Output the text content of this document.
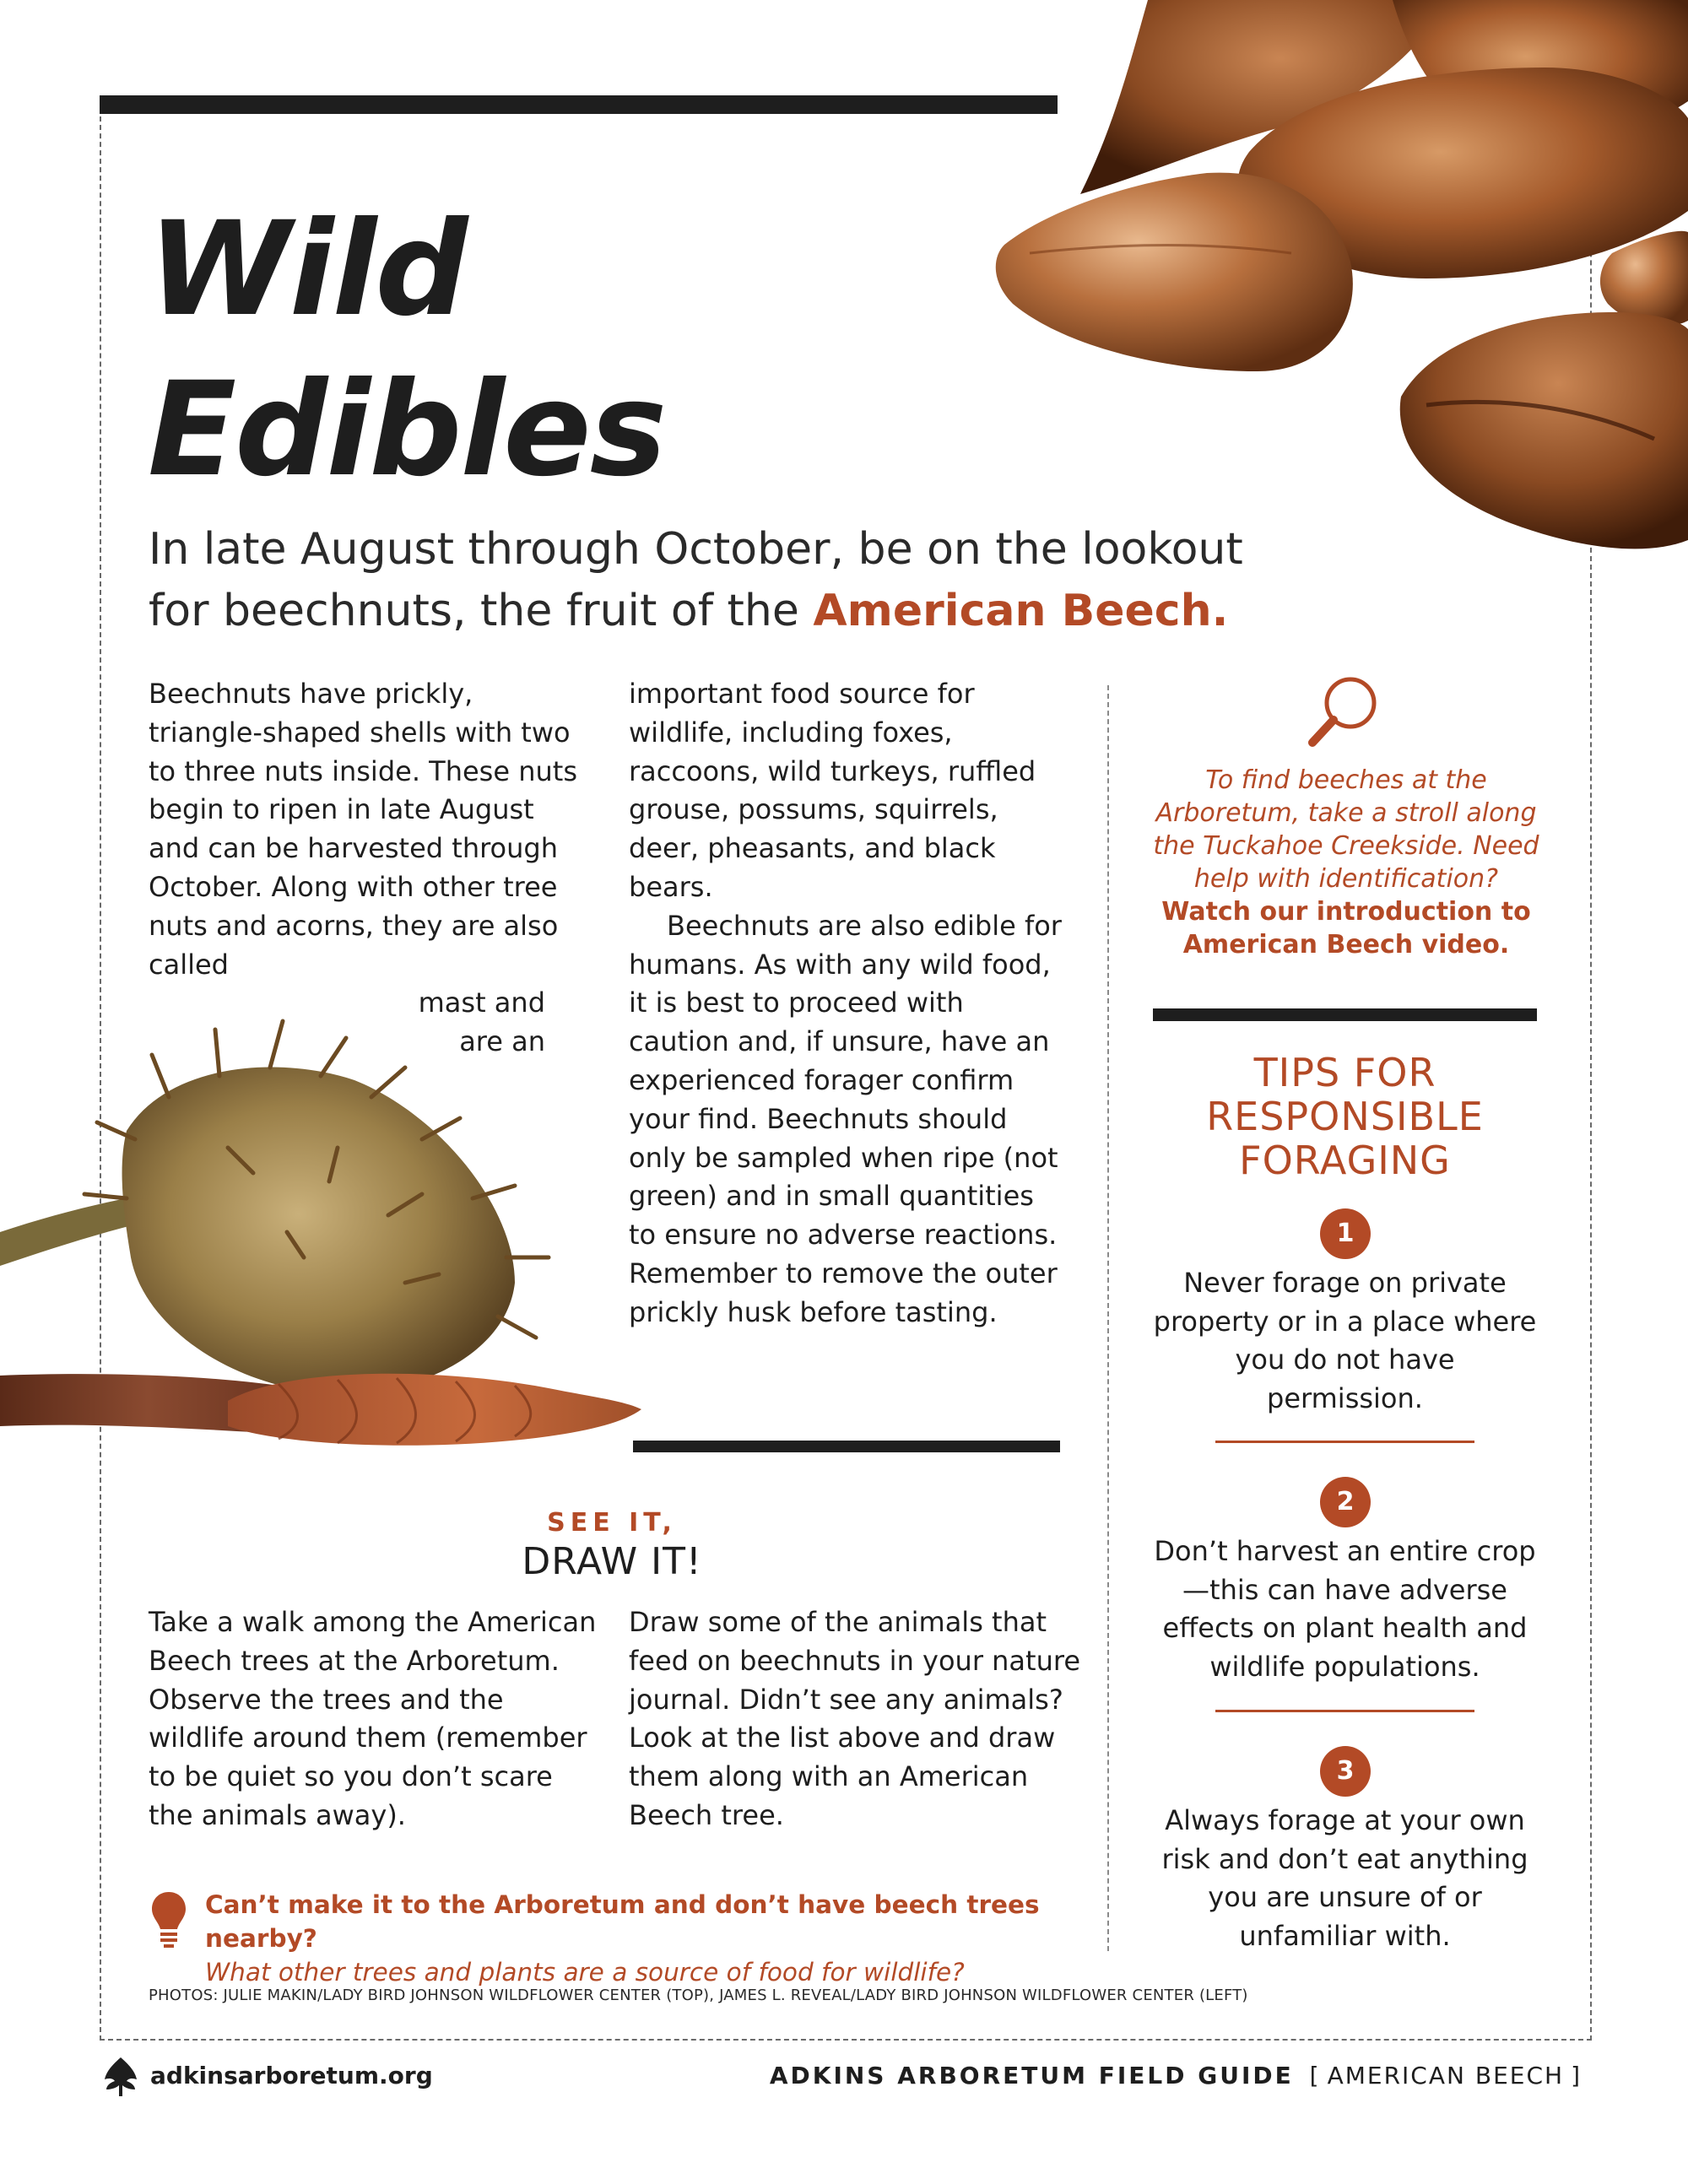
Wild
Edibles
In late August through October, be on the lookout for beechnuts, the fruit of the American Beech.
Beechnuts have prickly, triangle-shaped shells with two to three nuts inside. These nuts begin to ripen in late August and can be harvested through October. Along with other tree nuts and acorns, they are also called
mast and
are an

important food source for wildlife, including foxes, raccoons, wild turkeys, ruffled grouse, possums, squirrels, deer, pheasants, and black bears.

Beechnuts are also edible for humans. As with any wild food, it is best to proceed with caution and, if unsure, have an experienced forager confirm your find. Beechnuts should only be sampled when ripe (not green) and in small quantities to ensure no adverse reactions. Remember to remove the outer prickly husk before tasting.

To find beeches at the Arboretum, take a stroll along the Tuckahoe Creekside. Need help with identification?
Watch our introduction to American Beech video.
TIPS FOR RESPONSIBLE FORAGING
1
Never forage on private property or in a place where you do not have permission.
2
Don’t harvest an entire crop—this can have adverse effects on plant health and wildlife populations.
3
Always forage at your own risk and don’t eat anything you are unsure of or unfamiliar with.
SEE IT,
DRAW IT!
Take a walk among the American Beech trees at the Arboretum. Observe the trees and the wildlife around them (remember to be quiet so you don’t scare the animals away).
Draw some of the animals that feed on beechnuts in your nature journal. Didn’t see any animals? Look at the list above and draw them along with an American Beech tree.
Can’t make it to the Arboretum and don’t have beech trees nearby?
What other trees and plants are a source of food for wildlife?
PHOTOS: JULIE MAKIN/LADY BIRD JOHNSON WILDFLOWER CENTER (TOP), JAMES L. REVEAL/LADY BIRD JOHNSON WILDFLOWER CENTER (LEFT)
adkinsarboretum.org	ADKINS ARBORETUM FIELD GUIDE [ AMERICAN BEECH ]
